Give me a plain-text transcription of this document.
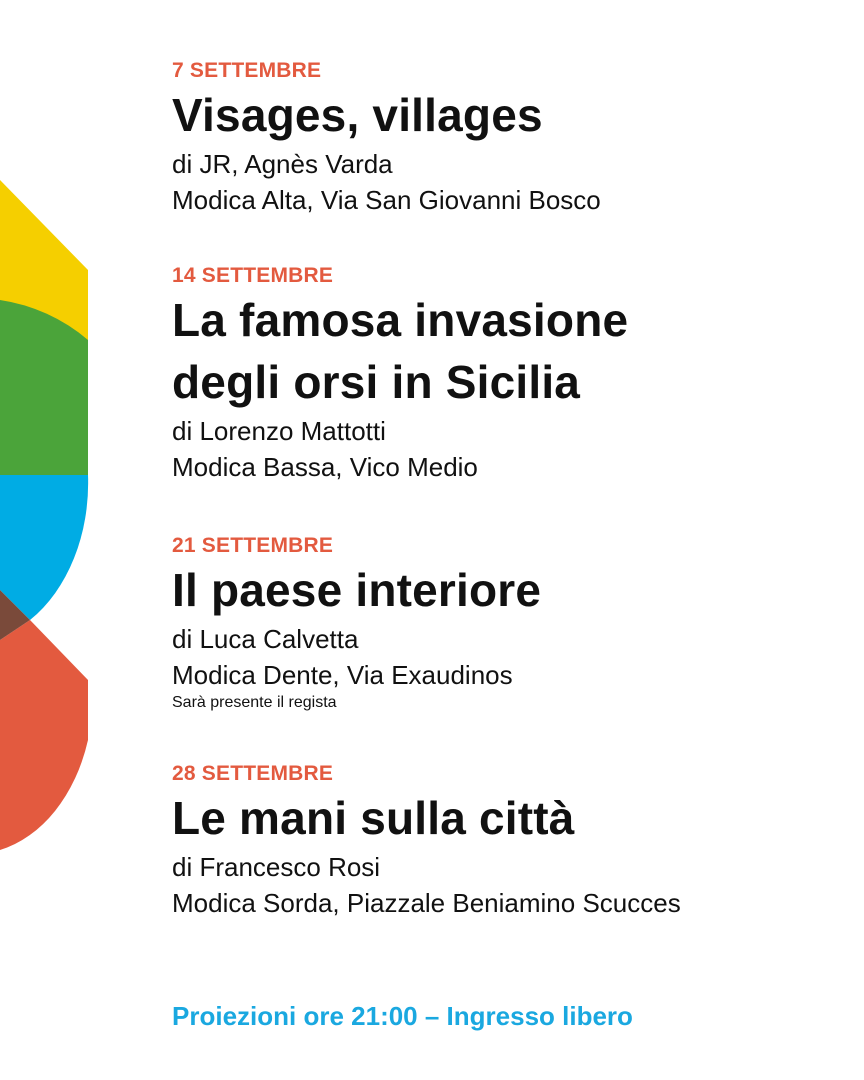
7 SETTEMBRE

Visages, villages

di JR, Agnès Varda

Modica Alta, Via San Giovanni Bosco

14 SETTEMBRE

La famosa invasione

degli orsi in Sicilia

di Lorenzo Mattotti

Modica Bassa, Vico Medio

21 SETTEMBRE

Il paese interiore

di Luca Calvetta

Modica Dente, Via Exaudinos

Sarà presente il regista

28 SETTEMBRE

Le mani sulla città

di Francesco Rosi

Modica Sorda, Piazzale Beniamino Scucces

Proiezioni ore 21:00 – Ingresso libero
